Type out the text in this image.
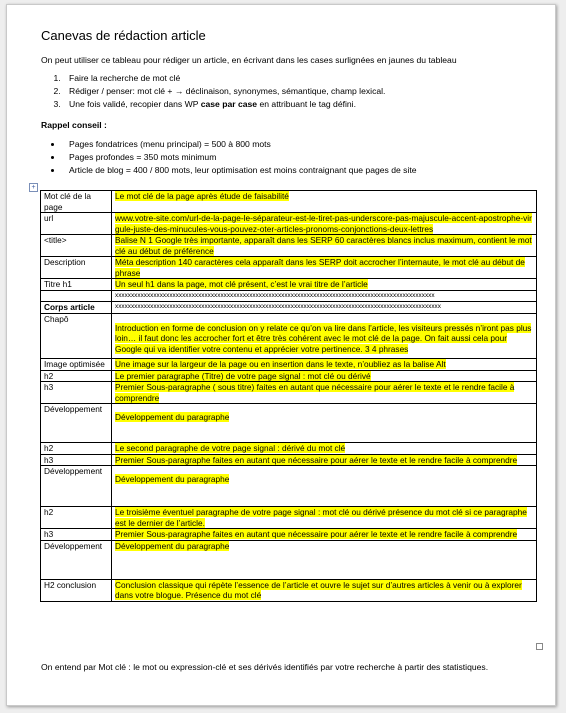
Canevas de rédaction article
On peut utiliser ce tableau pour rédiger un article, en écrivant dans les cases surlignées en jaunes du tableau
1. Faire la recherche de mot clé
2. Rédiger / penser: mot clé + → déclinaison, synonymes, sémantique, champ lexical.
3. Une fois validé, recopier dans WP case par case en attribuant le tag défini.
Rappel conseil :
• Pages fondatrices (menu principal) = 500 à 800 mots
• Pages profondes = 350 mots minimum
• Article de blog = 400 / 800 mots, leur optimisation est moins contraignant que pages de site
+
Mot clé de la page	Le mot clé de la page après étude de faisabilité
url	www.votre-site.com/url-de-la-page-le-séparateur-est-le-tiret-pas-underscore-pas-majuscule-accent-apostrophe-virgule-juste-des-minucules-vous-pouvez-oter-articles-pronoms-conjonctions-deux-lettres
<title>	Balise N 1 Google très importante, apparaît dans les SERP 60 caractères blancs inclus maximum, contient le mot clé au début de préférence
Description	Méta description 140 caractères cela apparaît dans les SERP doit accrocher l’internaute, le mot clé au début de phrase
Titre h1	Un seul h1 dans la page, mot clé présent, c’est le vrai titre de l’article
	xxxxxxxxxxxxxxxxxxxxxxxxxxxxxxxxxxxxxxxxxxxxxxxxxxxxxxxxxxxxxxxxxxxxxxxxxxxxxxxxxxxxxxxxxxxxxxxxxxxx
Corps article	xxxxxxxxxxxxxxxxxxxxxxxxxxxxxxxxxxxxxxxxxxxxxxxxxxxxxxxxxxxxxxxxxxxxxxxxxxxxxxxxxxxxxxxxxxxxxxxxxxxxxx
Chapô	Introduction en forme de conclusion on y relate ce qu’on va lire dans l’article, les visiteurs pressés n’iront pas plus loin… il faut donc les accrocher fort et être très cohérent avec le mot clé de la page. On fait aussi cela pour Google qui va identifier votre contenu et apprécier votre pertinence. 3 4 phrases
Image optimisée	Une image sur la largeur de la page ou en insertion dans le texte, n’oubliez as la balise Alt
h2	Le premier paragraphe (Titre) de votre page signal : mot clé ou dérivé
h3	Premier Sous-paragraphe ( sous titre) faites en autant que nécessaire pour aérer le texte et le rendre facile à comprendre
Développement	Développement du paragraphe
h2	Le second paragraphe de votre page signal : dérivé du mot clé
h3	Premier Sous-paragraphe faites en autant que nécessaire pour aérer le texte et le rendre facile à comprendre
Développement	Développement du paragraphe
h2	Le troisième éventuel paragraphe de votre page signal : mot clé ou dérivé présence du mot clé si ce paragraphe est le dernier de l’article.
h3	Premier Sous-paragraphe faites en autant que nécessaire pour aérer le texte et le rendre facile à comprendre
Développement	Développement du paragraphe
H2 conclusion	Conclusion classique qui répète l’essence de l’article et ouvre le sujet sur d’autres articles à venir ou à explorer dans votre blogue. Présence du mot clé
On entend par Mot clé : le mot ou expression-clé et ses dérivés identifiés par votre recherche à partir des statistiques.
